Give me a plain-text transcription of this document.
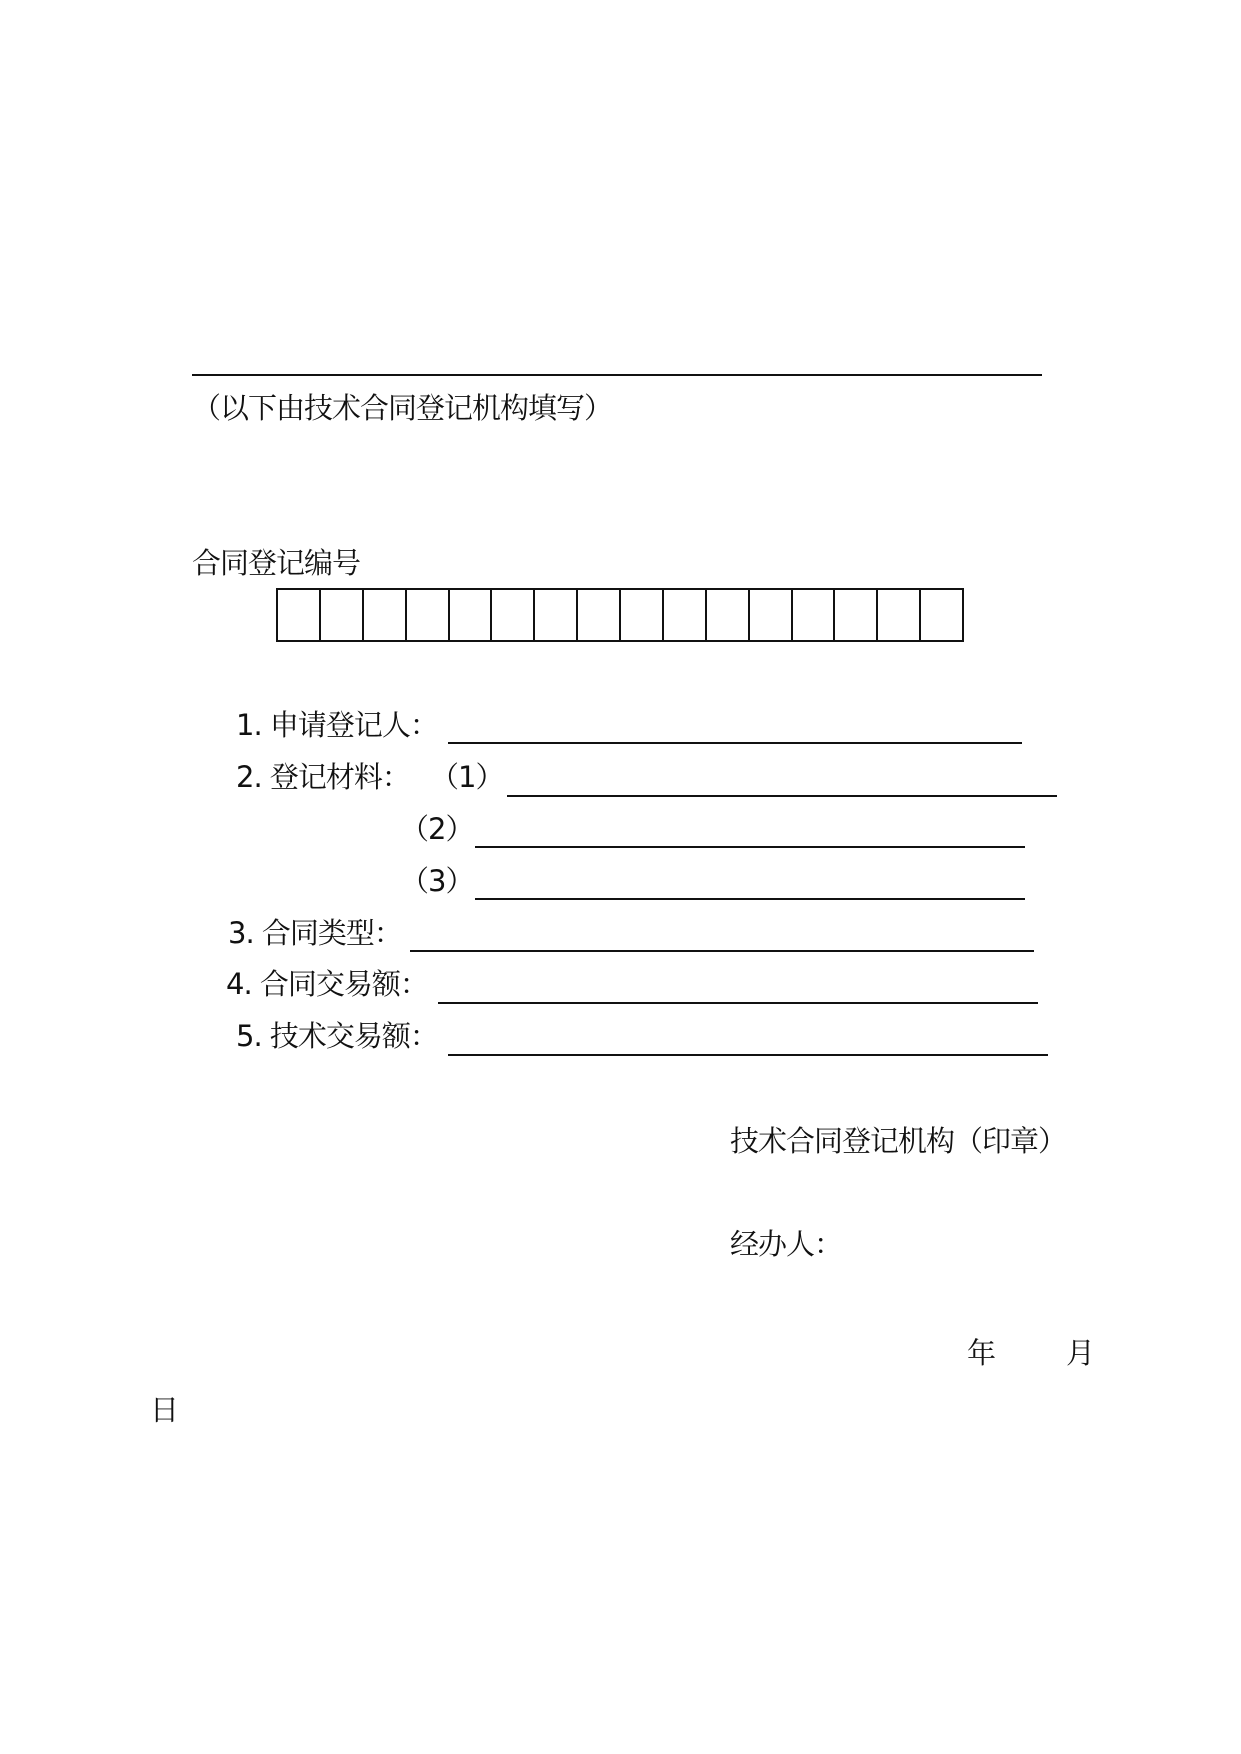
（以下由技术合同登记机构填写）
合同登记编号
1. 申请登记人：
2. 登记材料： （1）
（2）
（3）
3. 合同类型：
4. 合同交易额：
5. 技术交易额：
技术合同登记机构（印章）
经办人：
年 月
日
